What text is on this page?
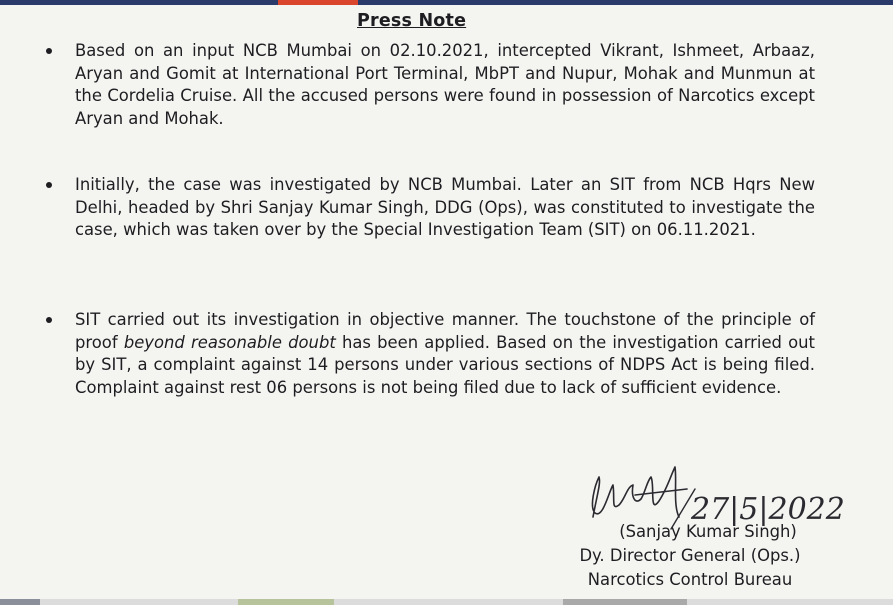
Press Note
Based on an input NCB Mumbai on 02.10.2021, intercepted Vikrant, Ishmeet, Arbaaz, Aryan and Gomit at International Port Terminal, MbPT and Nupur, Mohak and Munmun at the Cordelia Cruise. All the accused persons were found in possession of Narcotics except Aryan and Mohak.
Initially, the case was investigated by NCB Mumbai. Later an SIT from NCB Hqrs New Delhi, headed by Shri Sanjay Kumar Singh, DDG (Ops), was constituted to investigate the case, which was taken over by the Special Investigation Team (SIT) on 06.11.2021.
SIT carried out its investigation in objective manner. The touchstone of the principle of proof beyond reasonable doubt has been applied. Based on the investigation carried out by SIT, a complaint against 14 persons under various sections of NDPS Act is being filed. Complaint against rest 06 persons is not being filed due to lack of sufficient evidence.
27|5|2022
(Sanjay Kumar Singh)
Dy. Director General (Ops.)
Narcotics Control Bureau
